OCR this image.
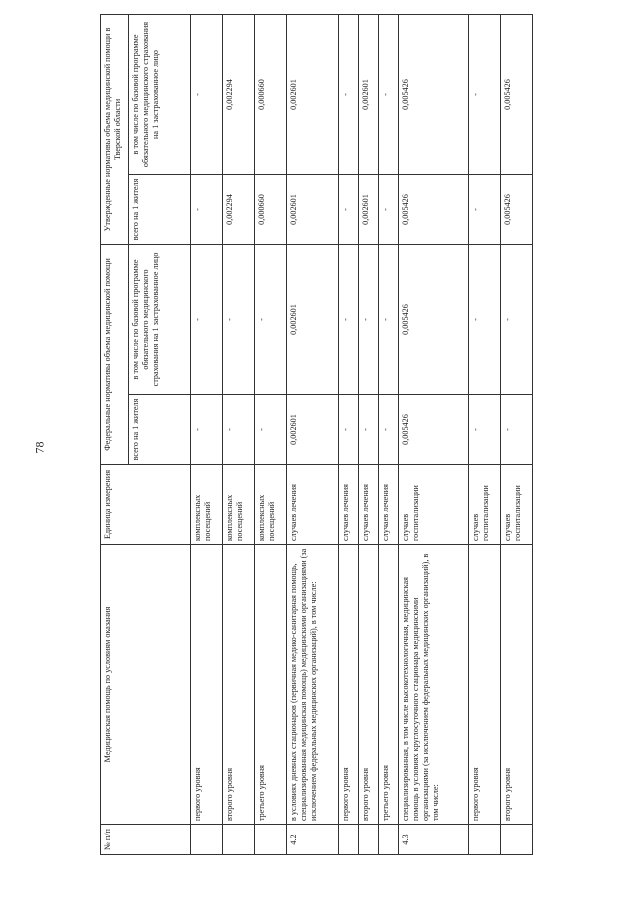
78
№ п/п	Медицинская помощь по условиям оказания	Единица измерения	Федеральные нормативы объема медицинской помощи		Утвержденные нормативы объема медицинской помощи в Тверской области	
			всего на 1 жителя	в том числе по базовой программе обязательного медицинского страхования на 1 застрахованное лицо	всего на 1 жителя	в том числе по базовой программе обязательного медицинского страхования на 1 застрахованное лицо
	первого уровня	комплексных посещений	-	-	-	-
	второго уровня	комплексных посещений	-	-	0,002294	0,002294
	третьего уровня	комплексных посещений	-	-	0,000660	0,000660
4.2	в условиях дневных стационаров (первичная медико-санитарная помощь, специализированная медицинская помощь) медицинскими организациями (за исключением федеральных медицинских организаций), в том числе:	случаев лечения	0,002601	0,002601	0,002601	0,002601
	первого уровня	случаев лечения	-	-	-	-
	второго уровня	случаев лечения	-	-	0,002601	0,002601
	третьего уровня	случаев лечения	-	-	-	-
4.3	специализированная, в том числе высокотехнологичная, медицинская помощь в условиях круглосуточного стационара медицинскими организациями (за исключением федеральных медицинских организаций), в том числе:	случаев госпитализации	0,005426	0,005426	0,005426	0,005426
	первого уровня	случаев госпитализации	-	-	-	-
	второго уровня	случаев госпитализации	-	-	0,005426	0,005426
